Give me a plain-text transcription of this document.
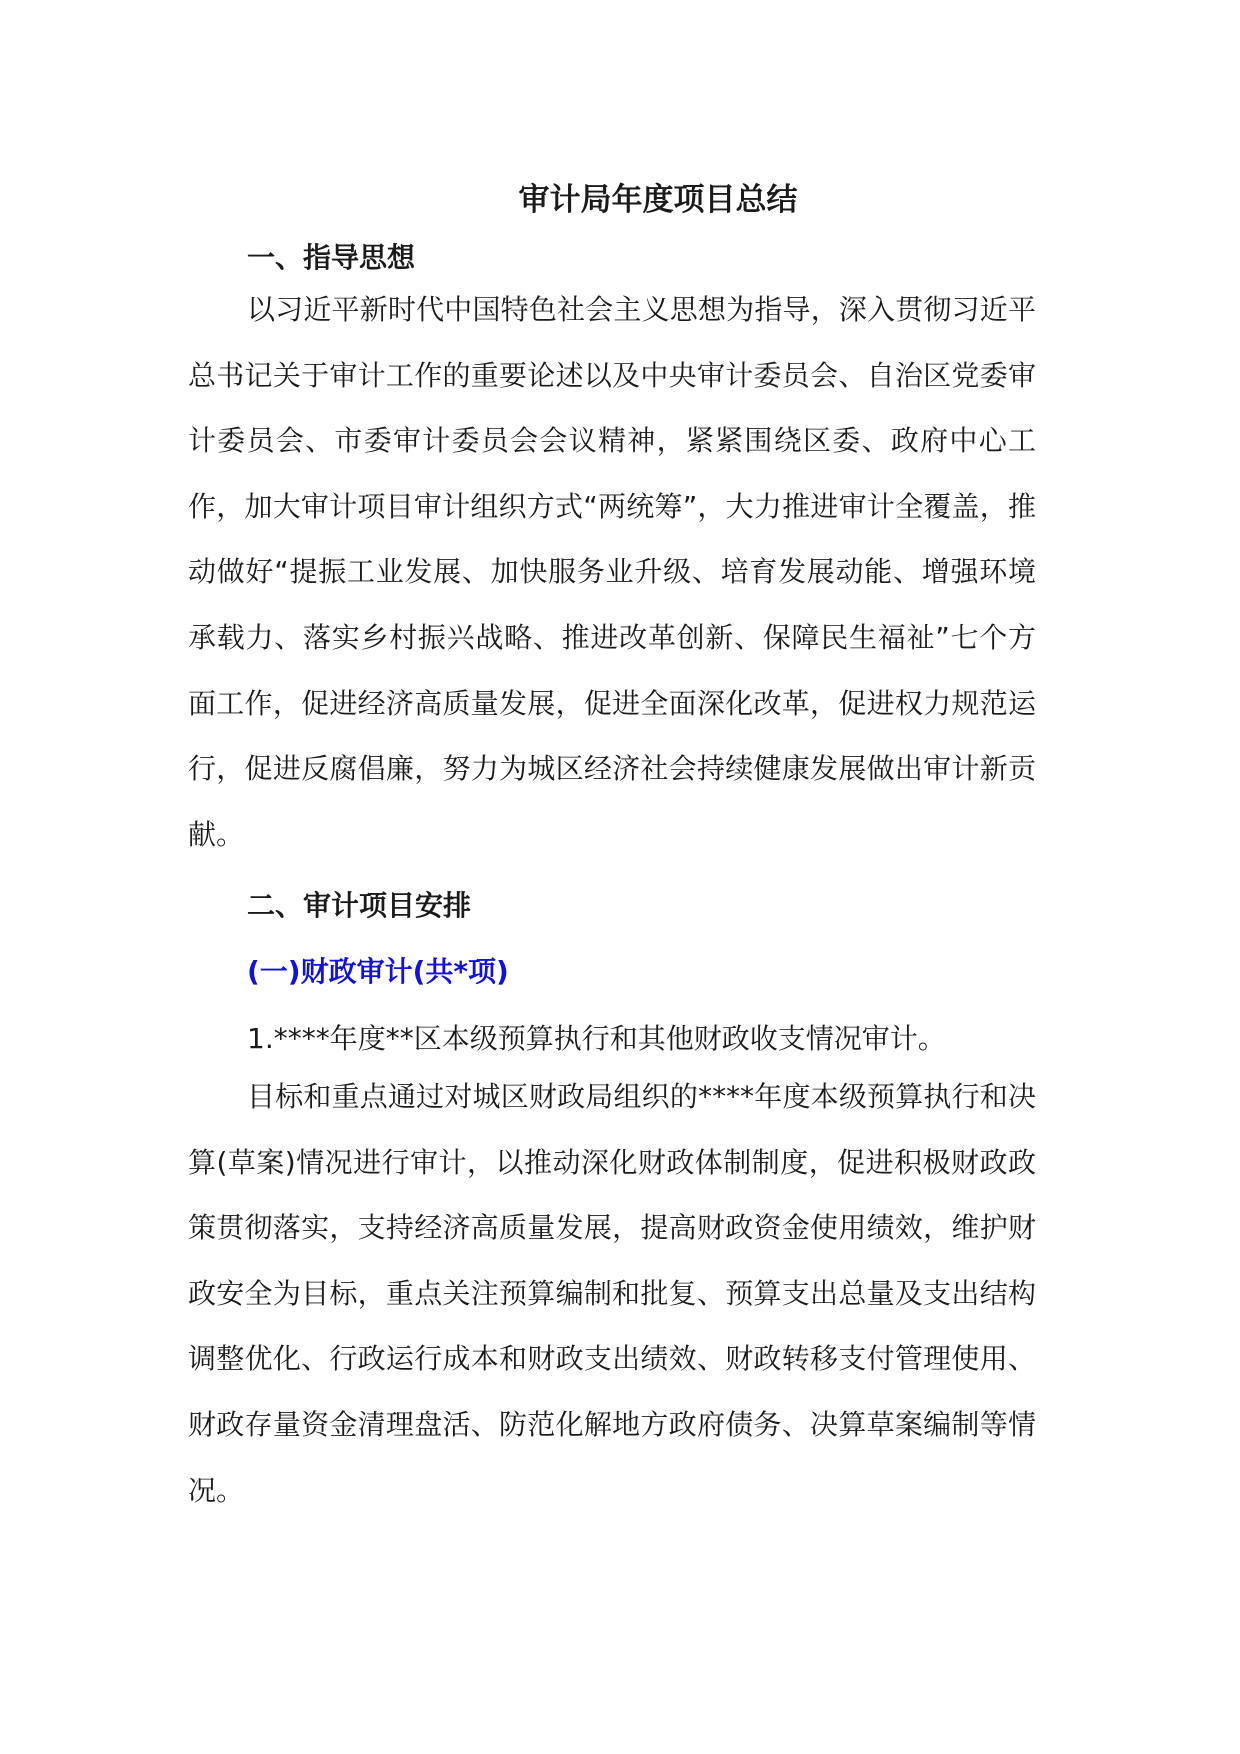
审计局年度项目总结
一、指导思想

以习近平新时代中国特色社会主义思想为指导，深入贯彻习近平总书记关于审计工作的重要论述以及中央审计委员会、自治区党委审计委员会、市委审计委员会会议精神，紧紧围绕区委、政府中心工作，加大审计项目审计组织方式“两统筹”，大力推进审计全覆盖，推动做好“提振工业发展、加快服务业升级、培育发展动能、增强环境承载力、落实乡村振兴战略、推进改革创新、保障民生福祉”七个方面工作，促进经济高质量发展，促进全面深化改革，促进权力规范运行，促进反腐倡廉，努力为城区经济社会持续健康发展做出审计新贡献。

二、审计项目安排
(一)财政审计(共*项)

1.****年度**区本级预算执行和其他财政收支情况审计。

目标和重点通过对城区财政局组织的****年度本级预算执行和决算(草案)情况进行审计，以推动深化财政体制制度，促进积极财政政策贯彻落实，支持经济高质量发展，提高财政资金使用绩效，维护财政安全为目标，重点关注预算编制和批复、预算支出总量及支出结构调整优化、行政运行成本和财政支出绩效、财政转移支付管理使用、财政存量资金清理盘活、防范化解地方政府债务、决算草案编制等情况。
